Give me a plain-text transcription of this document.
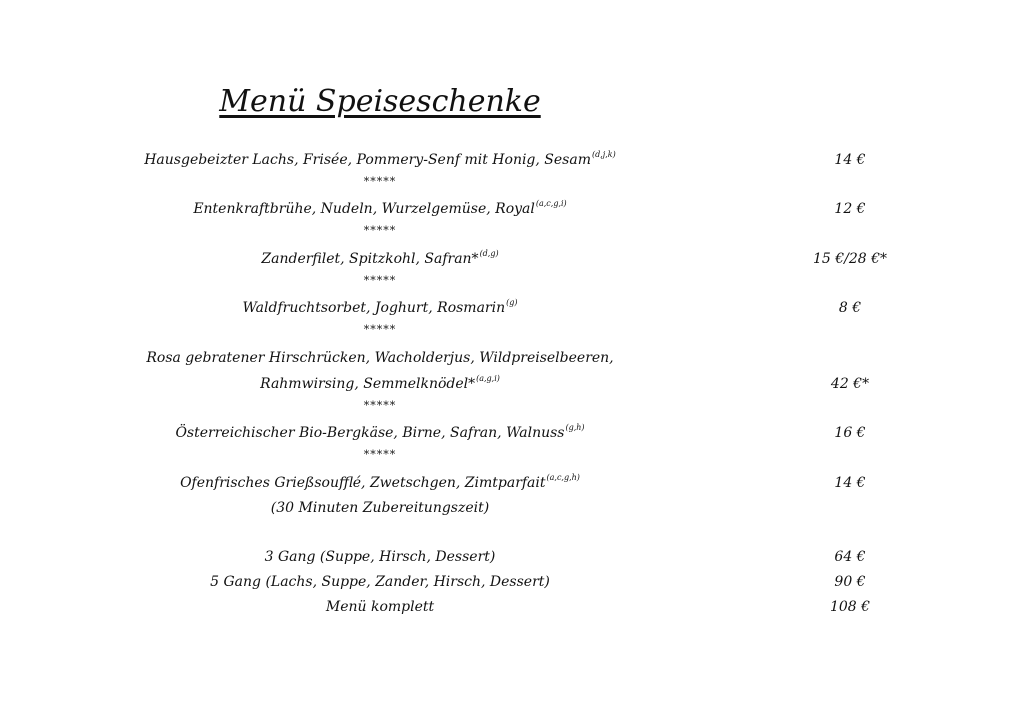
Menü Speiseschenke
Hausgebeizter Lachs, Frisée, Pommery-Senf mit Honig, Sesam$^{(d,j,k)}$	14 €
*****
Entenkraftbrühe, Nudeln, Wurzelgemüse, Royal$^{(a,c,g,i)}$	12 €
*****
Zanderfilet, Spitzkohl, Safran*$^{(d,g)}$	15 €/28 €*
*****
Waldfruchtsorbet, Joghurt, Rosmarin$^{(g)}$	8 €
*****
Rosa gebratener Hirschrücken, Wacholderjus, Wildpreiselbeeren,
Rahmwirsing, Semmelknödel*$^{(a,g,i)}$	42 €*
*****
Österreichischer Bio-Bergkäse, Birne, Safran, Walnuss$^{(g,h)}$	16 €
*****
Ofenfrisches Grießsoufflé, Zwetschgen, Zimtparfait$^{(a,c,g,h)}$	14 €
(30 Minuten Zubereitungszeit)
3 Gang (Suppe, Hirsch, Dessert)	64 €
5 Gang (Lachs, Suppe, Zander, Hirsch, Dessert)	90 €
Menü komplett	108 €
